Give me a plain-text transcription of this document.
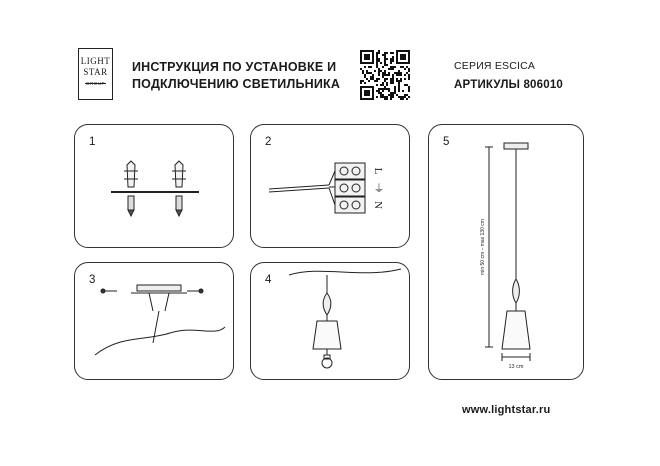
LIGHT
STAR
GROUP
ИНСТРУКЦИЯ ПО УСТАНОВКЕ И
ПОДКЛЮЧЕНИЮ СВЕТИЛЬНИКА
СЕРИЯ ESCICA
АРТИКУЛЫ 806010
1	2
L
⏚
N
3	4
5
min 50 cm – max 130 cm
13 cm
www.lightstar.ru
